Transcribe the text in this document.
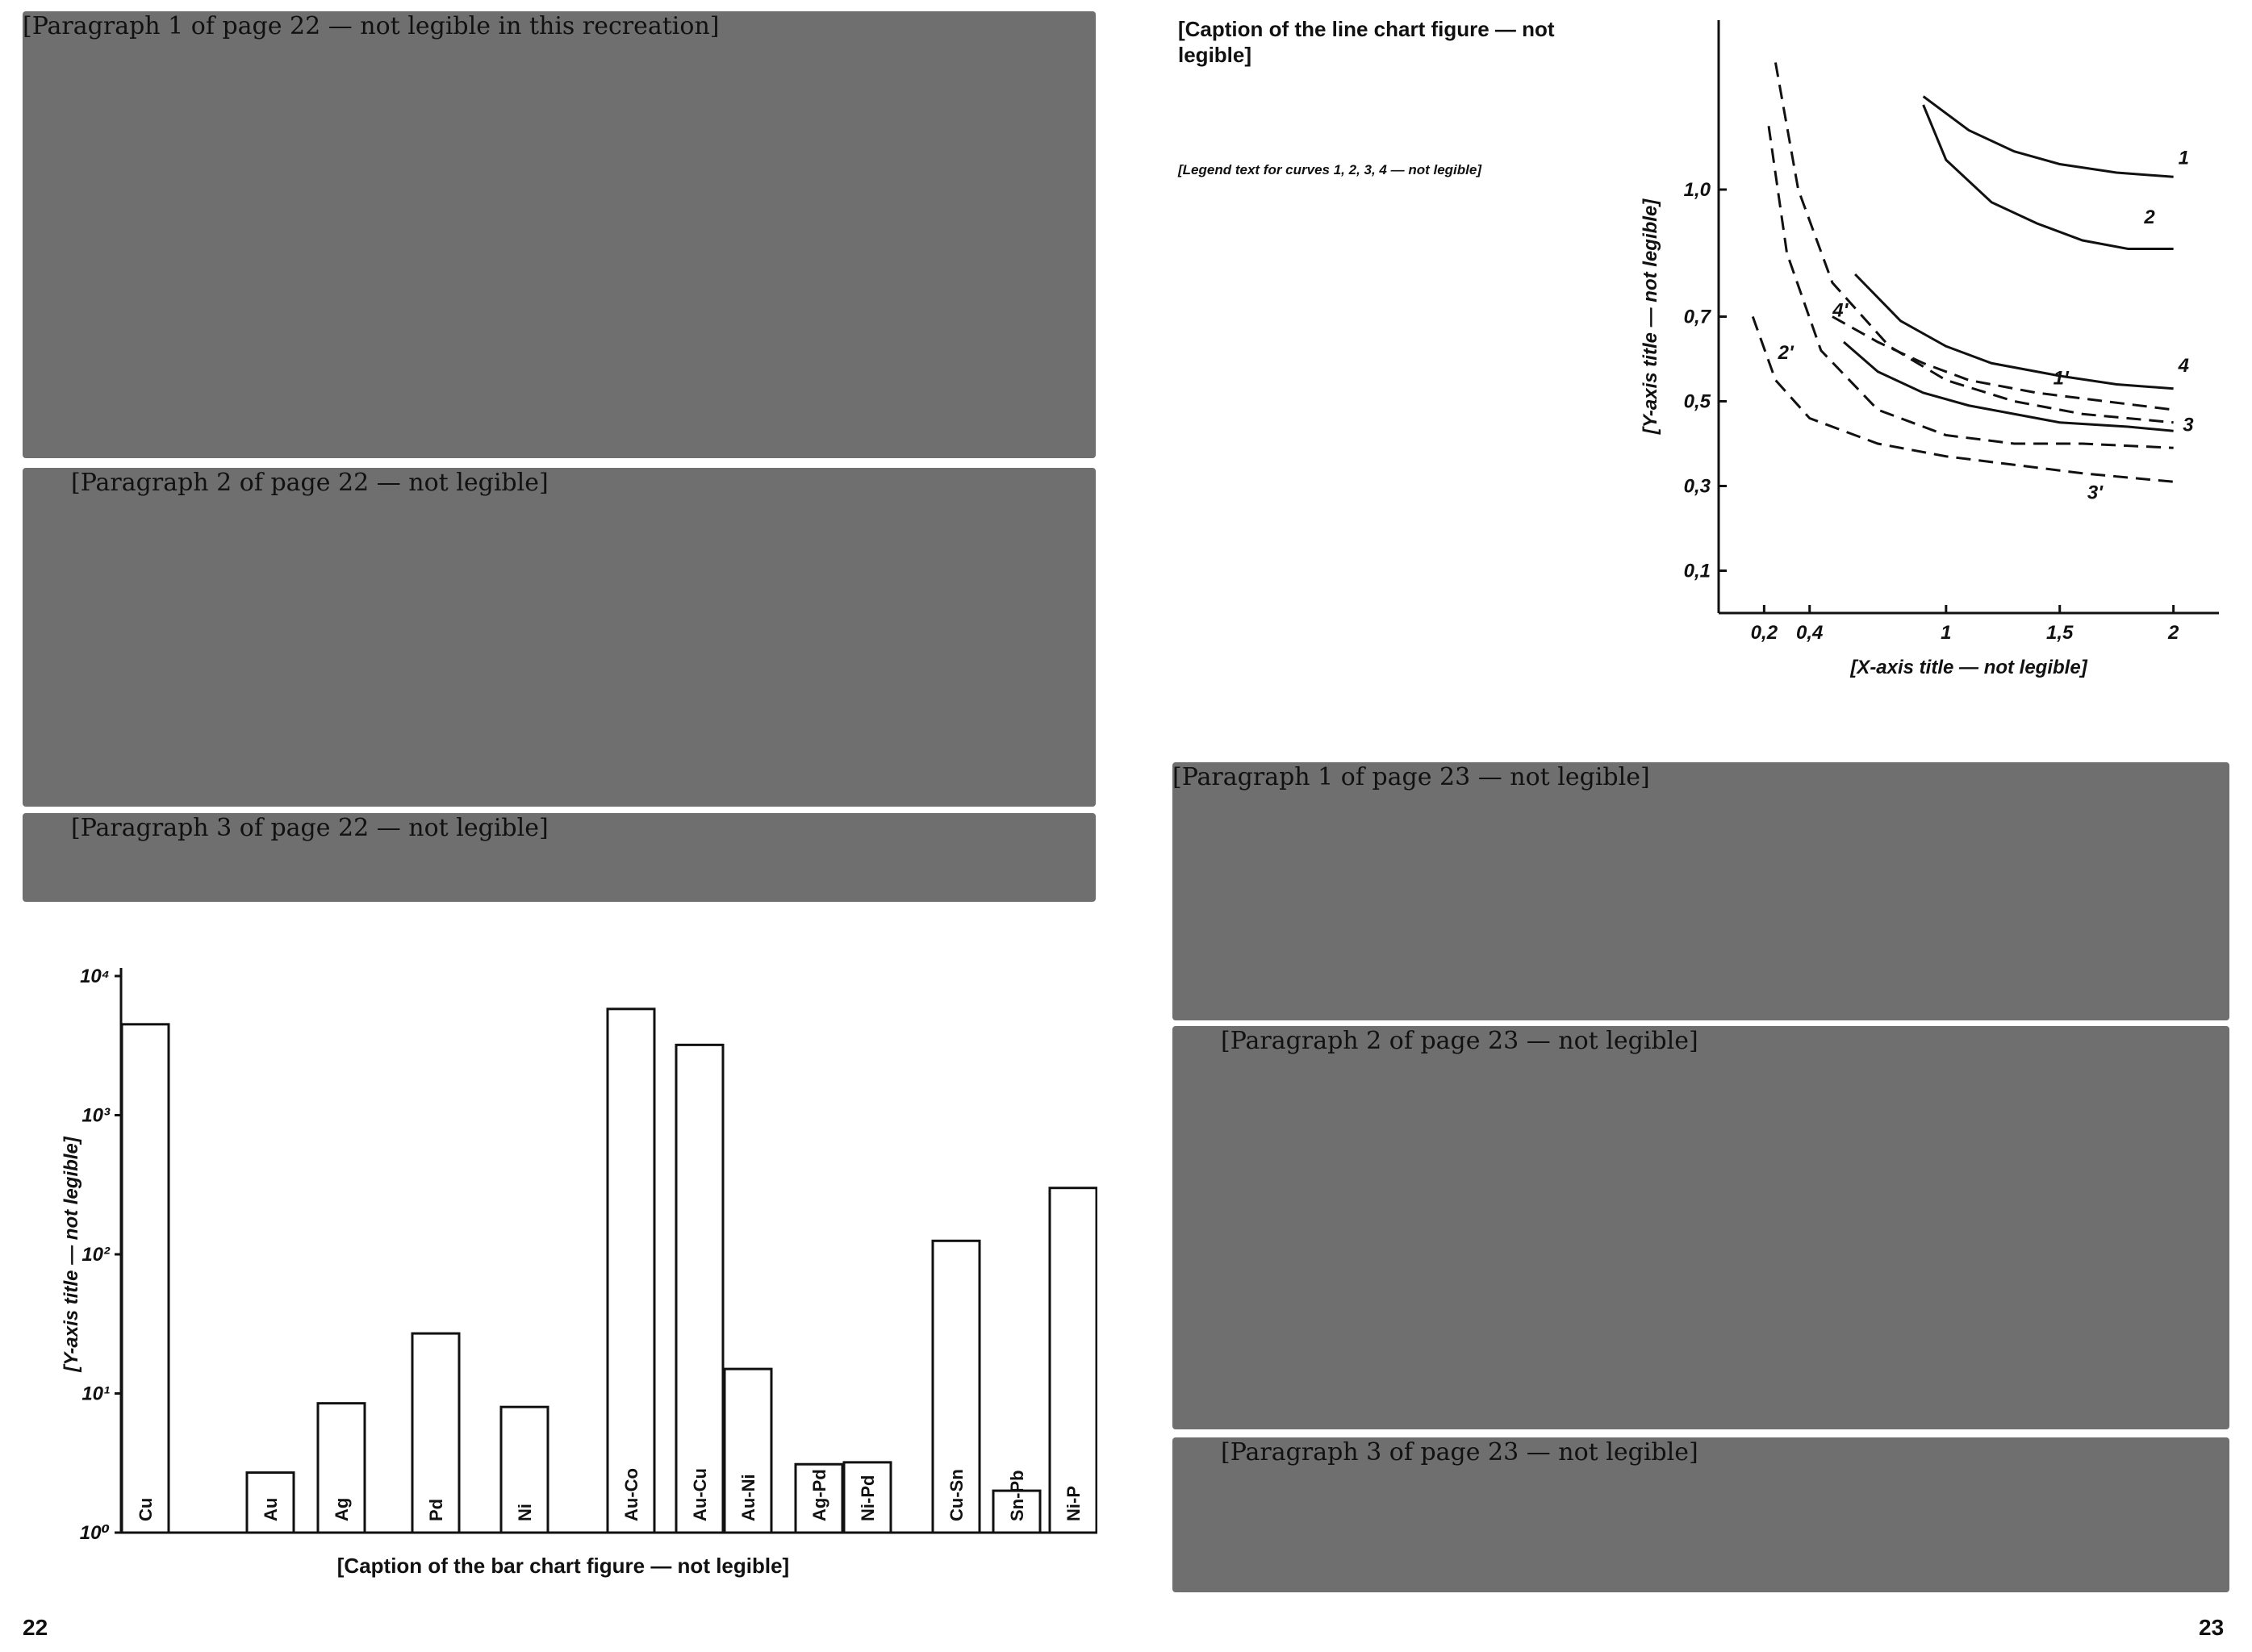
[Paragraph 1 of page 22 — not legible in this recreation]

[Paragraph 2 of page 22 — not legible]

[Paragraph 3 of page 22 — not legible]

10⁰
10¹
10²
10³
10⁴
[Y-axis title — not legible]
Cu	Au	Ag	Pd	Ni	Au-Co	Au-Cu Au-Ni	Ag-Pd Ni-Pd	Cu-Sn Sn-Pb Ni-P

[Caption of the bar chart figure — not legible]

22

[Caption of the line chart figure — not legible]

[Legend text for curves 1, 2, 3, 4 — not legible]

0,2 0,4	1	1,5	2
0,1
0,3
0,5
0,7
1,0
[X-axis title — not legible]
[Y-axis title — not legible]
1
2
4
3
1'
2'
3'
4'

[Paragraph 1 of page 23 — not legible]

[Paragraph 2 of page 23 — not legible]

[Paragraph 3 of page 23 — not legible]

23
